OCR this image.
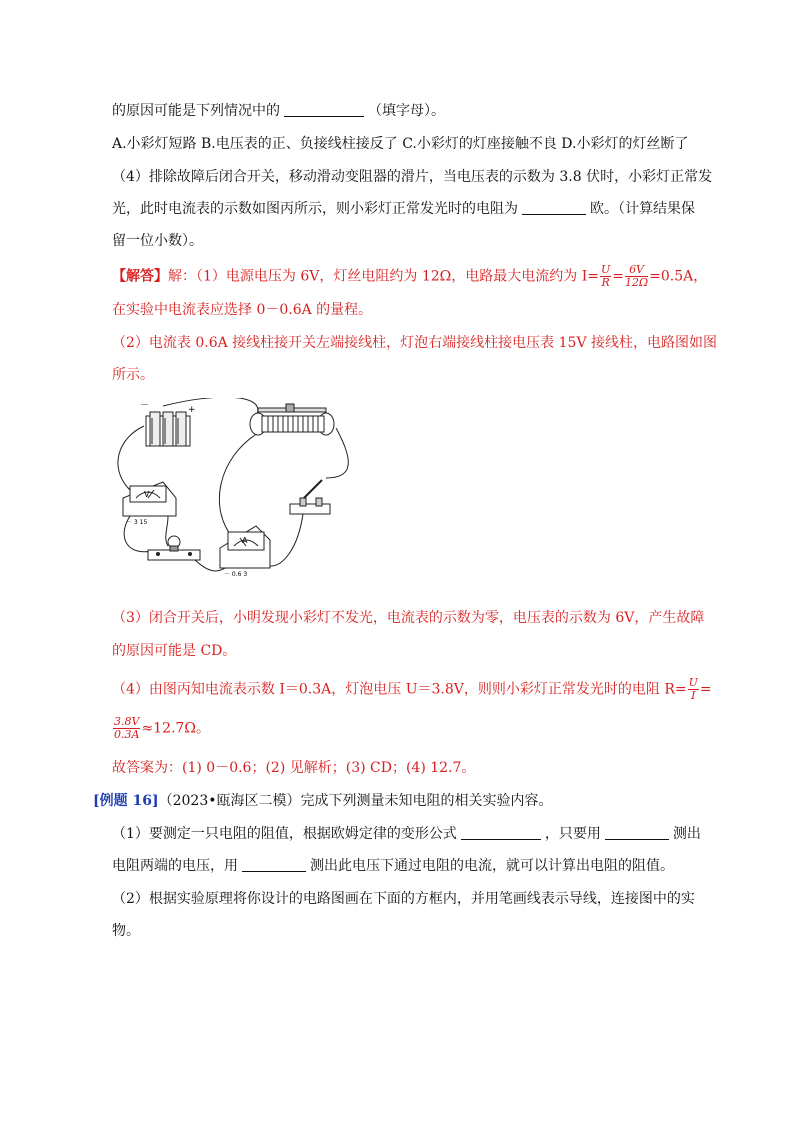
的原因可能是下列情况中的	（填字母）。
A.小彩灯短路 B.电压表的正、负接线柱接反了 C.小彩灯的灯座接触不良 D.小彩灯的灯丝断了
（4）排除故障后闭合开关，移动滑动变阻器的滑片，当电压表的示数为 3.8 伏时，小彩灯正常发
光，此时电流表的示数如图丙所示，则小彩灯正常发光时的电阻为	欧。（计算结果保
留一位小数）。
【解答】解：（1）电源电压为 6V，灯丝电阻约为 12Ω，电路最大电流约为 $I= \frac{U}{R} = \frac{6V}{12\Omega} =0.5A$，
在实验中电流表应选择 0－0.6A 的量程。
（2）电流表 0.6A 接线柱接开关左端接线柱，灯泡右端接线柱接电压表 15V 接线柱，电路图如图
所示。
－	+
V
－ 3 15
A
－ 0.6 3
（3）闭合开关后，小明发现小彩灯不发光，电流表的示数为零，电压表的示数为 6V，产生故障
的原因可能是 CD。
（4）由图丙知电流表示数 I＝0.3A，灯泡电压 U＝3.8V，则则小彩灯正常发光时的电阻 $R= \frac{U}{I}$ =
$\frac{3.8V}{0.3A} \approx 12.7\Omega$。
故答案为：(1) 0－0.6；(2) 见解析；(3) CD；(4) 12.7。
[例题 16]（2023•瓯海区二模）完成下列测量未知电阻的相关实验内容。
（1）要测定一只电阻的阻值，根据欧姆定律的变形公式	，只要用	测出
电阻两端的电压，用	测出此电压下通过电阻的电流，就可以计算出电阻的阻值。
（2）根据实验原理将你设计的电路图画在下面的方框内，并用笔画线表示导线，连接图中的实
物。
